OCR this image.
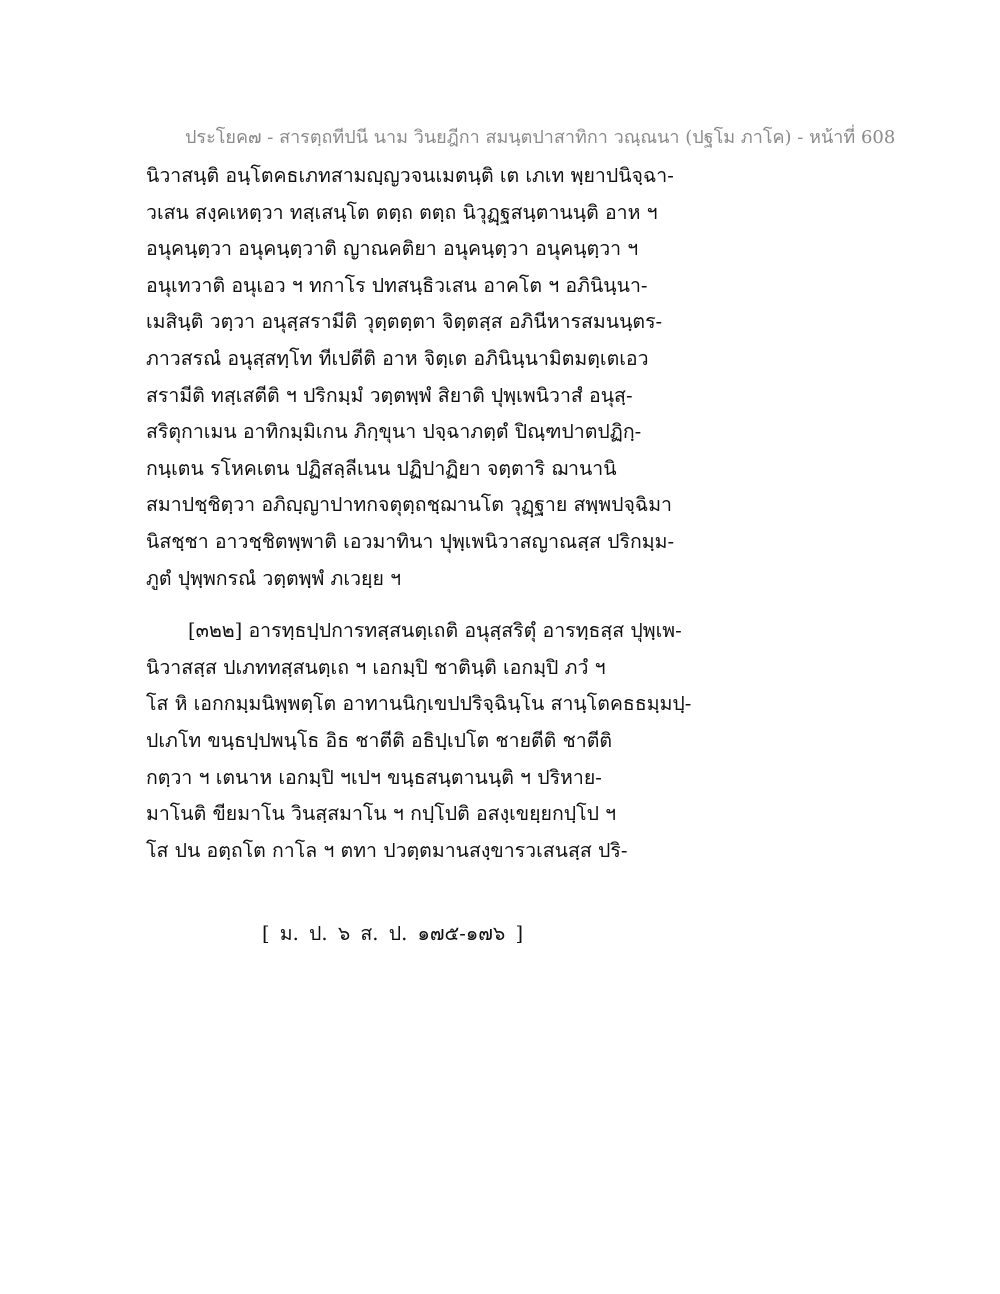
ประโยค๗ - สารตฺถทีปนี นาม วินยฎีกา สมนฺตปาสาทิกา วณฺณนา (ปฐโม ภาโค) - หน้าที่ 608
นิวาสนฺติ อนฺโตคธเภทสามญฺญวจนเมตนฺติ เต เภเท พฺยาปนิจฺฉา-
วเสน สงฺคเหตฺวา ทสฺเสนฺโต ตตฺถ ตตฺถ นิวุฏฺฐสนฺตานนฺติ อาห ฯ
อนุคนฺตฺวา อนุคนฺตฺวาติ ญาณคติยา อนุคนฺตฺวา อนุคนฺตฺวา ฯ
อนุเทวาติ อนุเอว ฯ ทกาโร ปทสนฺธิวเสน อาคโต ฯ อภินินฺนา-
เมสินฺติ วตฺวา อนุสฺสรามีติ วุตฺตตฺตา จิตฺตสฺส อภินีหารสมนนฺตร-
ภาวสรณํ อนุสฺสทฺโท ทีเปตีติ อาห จิตฺเต อภินินฺนามิตมตฺเตเอว
สรามีติ ทสฺเสตีติ ฯ ปริกมฺมํ วตฺตพฺพํ สิยาติ ปุพฺเพนิวาสํ อนุสฺ-
สริตุกาเมน อาทิกมฺมิเกน ภิกฺขุนา ปจฺฉาภตฺตํ ปิณฺฑปาตปฏิกฺ-
กนฺเตน รโหคเตน ปฏิสลฺลีเนน ปฏิปาฏิยา จตฺตาริ ฌานานิ
สมาปชฺชิตฺวา อภิญฺญาปาทกจตุตฺถชฺฌานโต วุฏฺฐาย สพฺพปจฺฉิมา
นิสชฺชา อาวชฺชิตพฺพาติ เอวมาทินา ปุพฺเพนิวาสญาณสฺส ปริกมฺม-
ภูตํ ปุพฺพกรณํ วตฺตพฺพํ ภเวยฺย ฯ
[๓๒๒] อารทฺธปฺปการทสฺสนตฺเถติ อนุสฺสริตุํ อารทฺธสฺส ปุพฺเพ-
นิวาสสฺส ปเภททสฺสนตฺเถ ฯ เอกมฺปิ ชาตินฺติ เอกมฺปิ ภวํ ฯ
โส หิ เอกกมฺมนิพฺพตฺโต อาทานนิกฺเขปปริจฺฉินฺโน สานฺโตคธธมฺมปฺ-
ปเภโท ขนฺธปฺปพนฺโธ อิธ ชาตีติ อธิปฺเปโต ชายตีติ ชาตีติ
กตฺวา ฯ เตนาห เอกมฺปิ ฯเปฯ ขนฺธสนฺตานนฺติ ฯ ปริหาย-
มาโนติ ขียมาโน วินสฺสมาโน ฯ กปฺโปติ อสงฺเขยฺยกปฺโป ฯ
โส ปน อตฺถโต กาโล ฯ ตทา ปวตฺตมานสงฺขารวเสนสฺส ปริ-
[ ม. ป. ๖ ส. ป. ๑๗๕-๑๗๖ ]
